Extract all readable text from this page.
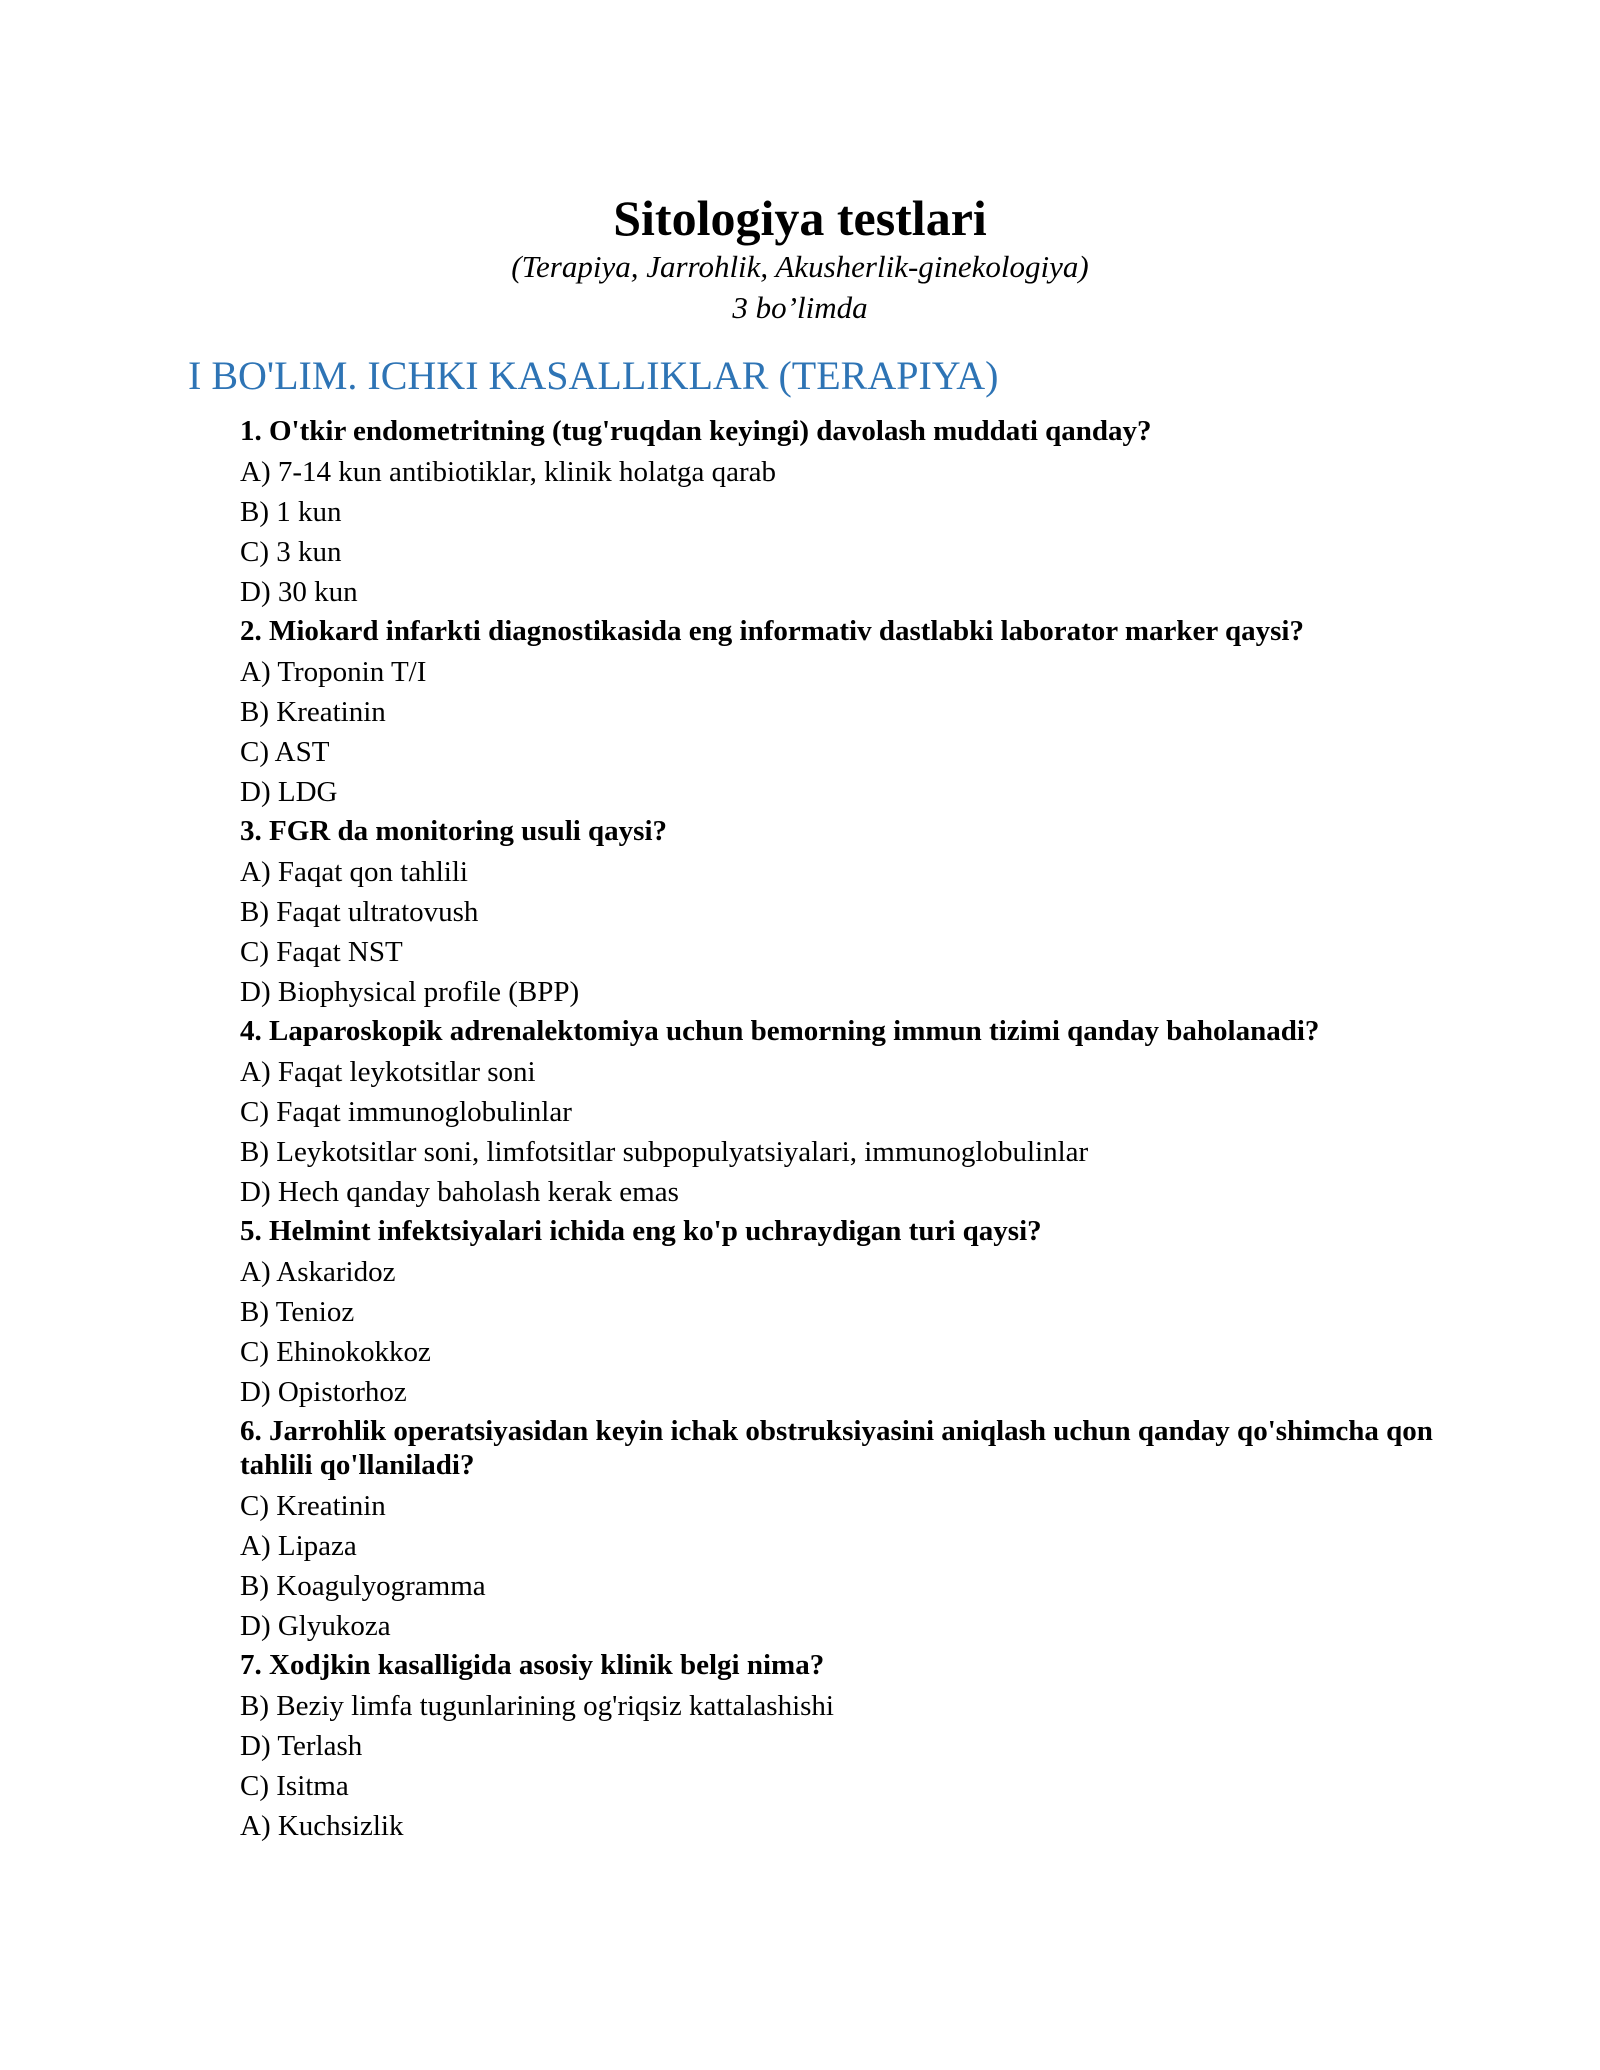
Sitologiya testlari

(Terapiya, Jarrohlik, Akusherlik-ginekologiya)

3 bo’limda

I BO'LIM. ICHKI KASALLIKLAR (TERAPIYA)

1. O'tkir endometritning (tug'ruqdan keyingi) davolash muddati qanday?

A) 7-14 kun antibiotiklar, klinik holatga qarab

B) 1 kun

C) 3 kun

D) 30 kun

2. Miokard infarkti diagnostikasida eng informativ dastlabki laborator marker qaysi?

A) Troponin T/I

B) Kreatinin

C) AST

D) LDG

3. FGR da monitoring usuli qaysi?

A) Faqat qon tahlili

B) Faqat ultratovush

C) Faqat NST

D) Biophysical profile (BPP)

4. Laparoskopik adrenalektomiya uchun bemorning immun tizimi qanday baholanadi?

A) Faqat leykotsitlar soni

C) Faqat immunoglobulinlar

B) Leykotsitlar soni, limfotsitlar subpopulyatsiyalari, immunoglobulinlar

D) Hech qanday baholash kerak emas

5. Helmint infektsiyalari ichida eng ko'p uchraydigan turi qaysi?

A) Askaridoz

B) Tenioz

C) Ehinokokkoz

D) Opistorhoz

6. Jarrohlik operatsiyasidan keyin ichak obstruksiyasini aniqlash uchun qanday qo'shimcha qon tahlili qo'llaniladi?

C) Kreatinin

A) Lipaza

B) Koagulyogramma

D) Glyukoza

7. Xodjkin kasalligida asosiy klinik belgi nima?

B) Beziy limfa tugunlarining og'riqsiz kattalashishi

D) Terlash

C) Isitma

A) Kuchsizlik
